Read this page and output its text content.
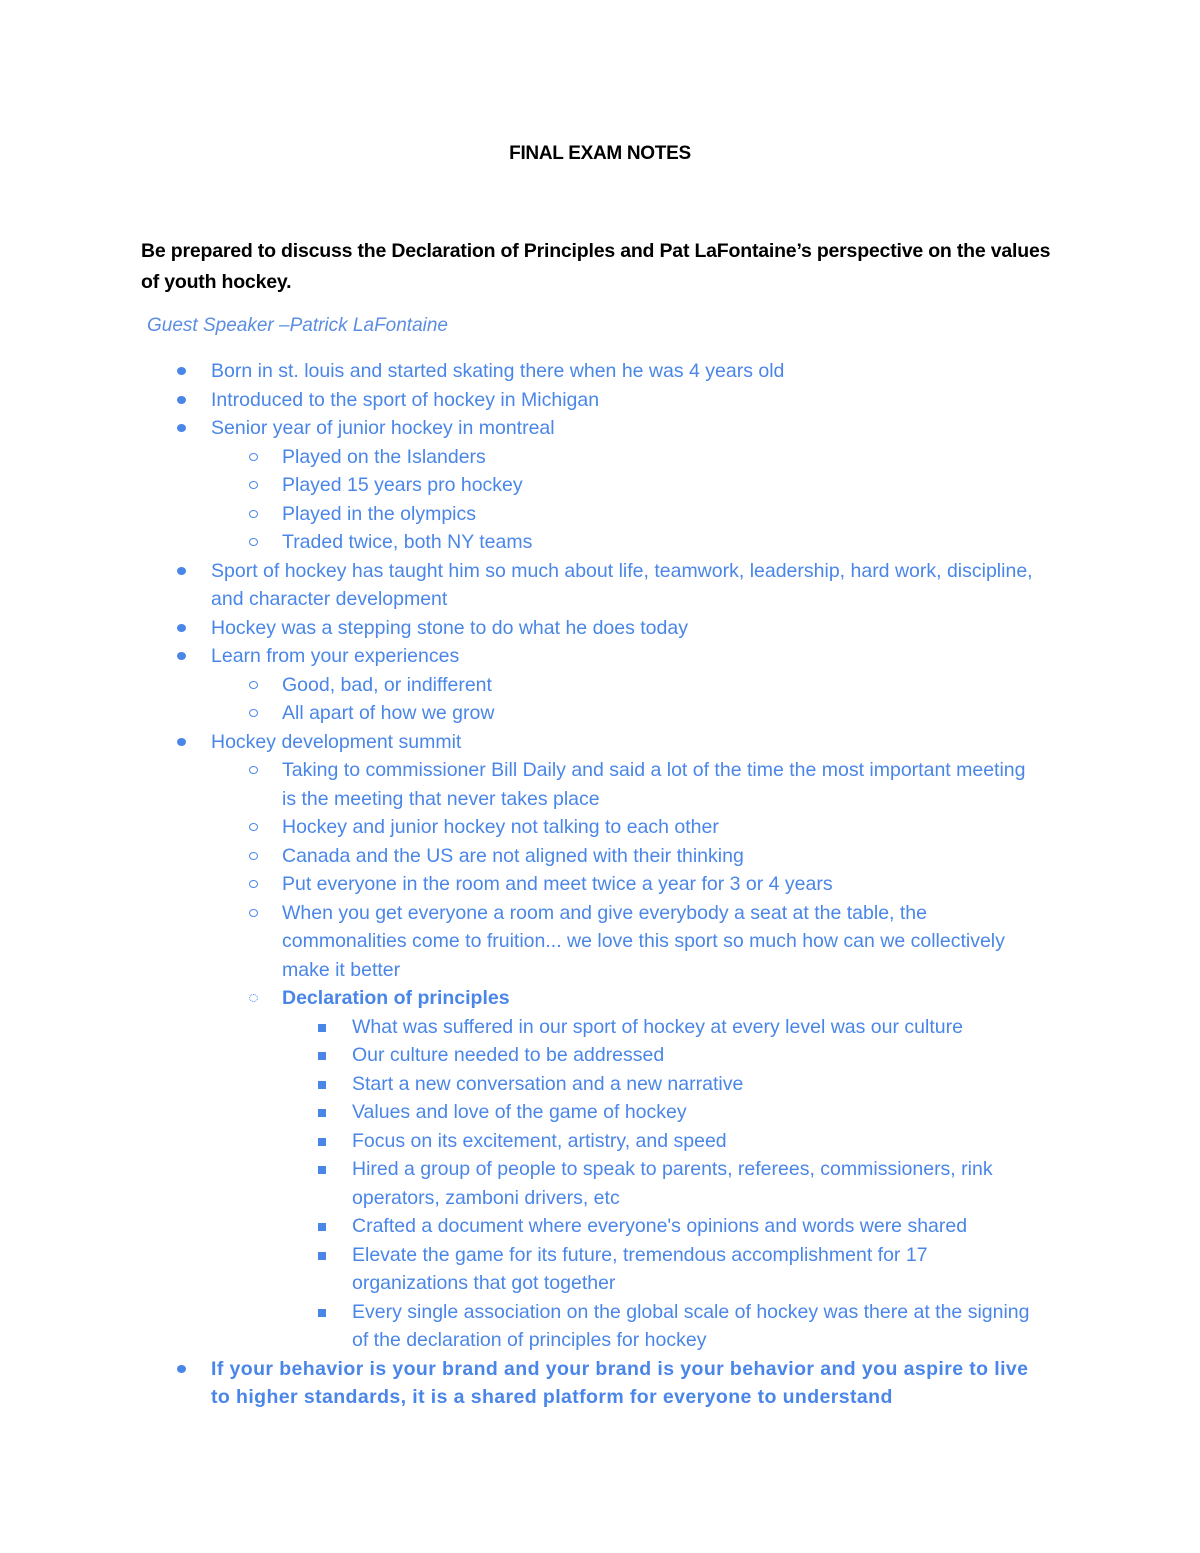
FINAL EXAM NOTES
Be prepared to discuss the Declaration of Principles and Pat LaFontaine’s perspective on the values of youth hockey.
Guest Speaker –Patrick LaFontaine
Born in st. louis and started skating there when he was 4 years old
Introduced to the sport of hockey in Michigan
Senior year of junior hockey in montreal
Played on the Islanders
Played 15 years pro hockey
Played in the olympics
Traded twice, both NY teams
Sport of hockey has taught him so much about life, teamwork, leadership, hard work, discipline, and character development
Hockey was a stepping stone to do what he does today
Learn from your experiences
Good, bad, or indifferent
All apart of how we grow
Hockey development summit
Taking to commissioner Bill Daily and said a lot of the time the most important meeting is the meeting that never takes place
Hockey and junior hockey not talking to each other
Canada and the US are not aligned with their thinking
Put everyone in the room and meet twice a year for 3 or 4 years
When you get everyone a room and give everybody a seat at the table, the commonalities come to fruition... we love this sport so much how can we collectively make it better
Declaration of principles
What was suffered in our sport of hockey at every level was our culture
Our culture needed to be addressed
Start a new conversation and a new narrative
Values and love of the game of hockey
Focus on its excitement, artistry, and speed
Hired a group of people to speak to parents, referees, commissioners, rink operators, zamboni drivers, etc
Crafted a document where everyone's opinions and words were shared
Elevate the game for its future, tremendous accomplishment for 17 organizations that got together
Every single association on the global scale of hockey was there at the signing of the declaration of principles for hockey
If your behavior is your brand and your brand is your behavior and you aspire to live to higher standards, it is a shared platform for everyone to understand
